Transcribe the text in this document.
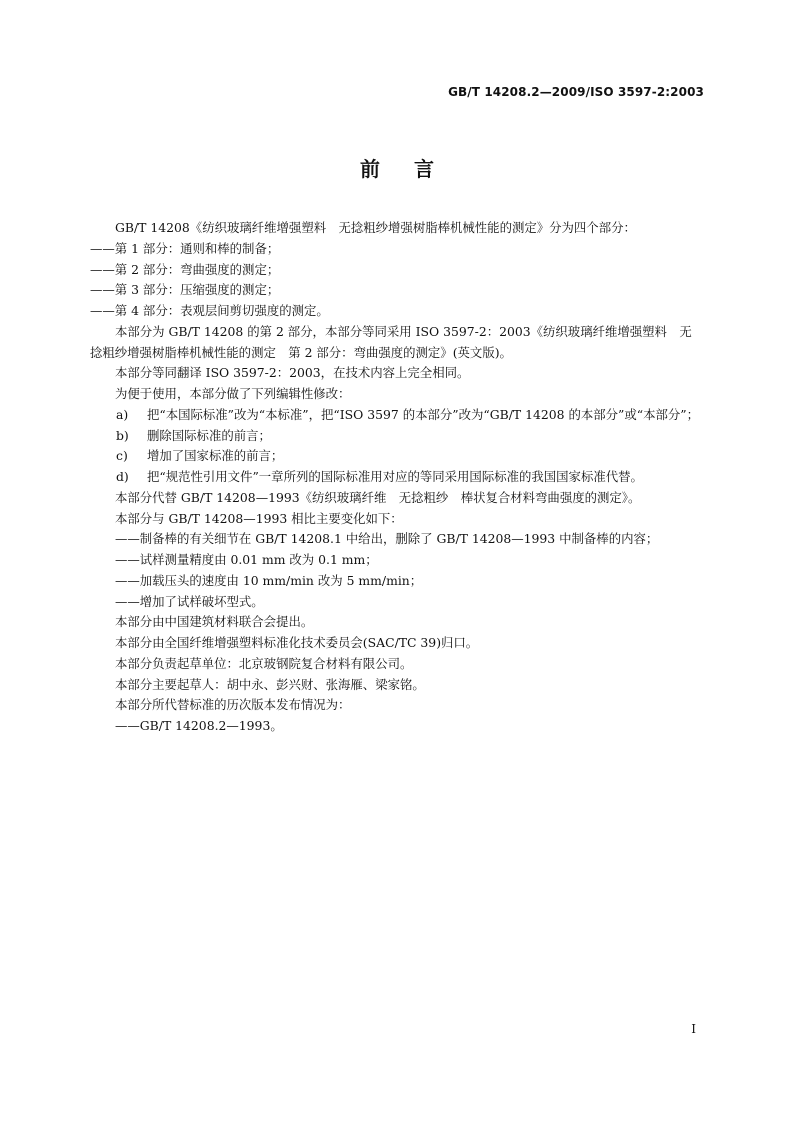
GB/T 14208.2—2009/ISO 3597-2:2003
前言
GB/T 14208《纺织玻璃纤维增强塑料　无捻粗纱增强树脂棒机械性能的测定》分为四个部分：
——第 1 部分：通则和棒的制备；
——第 2 部分：弯曲强度的测定；
——第 3 部分：压缩强度的测定；
——第 4 部分：表观层间剪切强度的测定。
本部分为 GB/T 14208 的第 2 部分，本部分等同采用 ISO 3597-2：2003《纺织玻璃纤维增强塑料　无捻粗纱增强树脂棒机械性能的测定　第 2 部分：弯曲强度的测定》(英文版)。
本部分等同翻译 ISO 3597-2：2003，在技术内容上完全相同。
为便于使用，本部分做了下列编辑性修改：
a)	把“本国际标准”改为“本标准”，把“ISO 3597 的本部分”改为“GB/T 14208 的本部分”或“本部分”；
b)	删除国际标准的前言；
c)	增加了国家标准的前言；
d)	把“规范性引用文件”一章所列的国际标准用对应的等同采用国际标准的我国国家标准代替。
本部分代替 GB/T 14208—1993《纺织玻璃纤维　无捻粗纱　棒状复合材料弯曲强度的测定》。
本部分与 GB/T 14208—1993 相比主要变化如下：
——制备棒的有关细节在 GB/T 14208.1 中给出，删除了 GB/T 14208—1993 中制备棒的内容；
——试样测量精度由 0.01 mm 改为 0.1 mm；
——加载压头的速度由 10 mm/min 改为 5 mm/min；
——增加了试样破坏型式。
本部分由中国建筑材料联合会提出。
本部分由全国纤维增强塑料标准化技术委员会(SAC/TC 39)归口。
本部分负责起草单位：北京玻钢院复合材料有限公司。
本部分主要起草人：胡中永、彭兴财、张海雁、梁家铭。
本部分所代替标准的历次版本发布情况为：
——GB/T 14208.2—1993。
I
